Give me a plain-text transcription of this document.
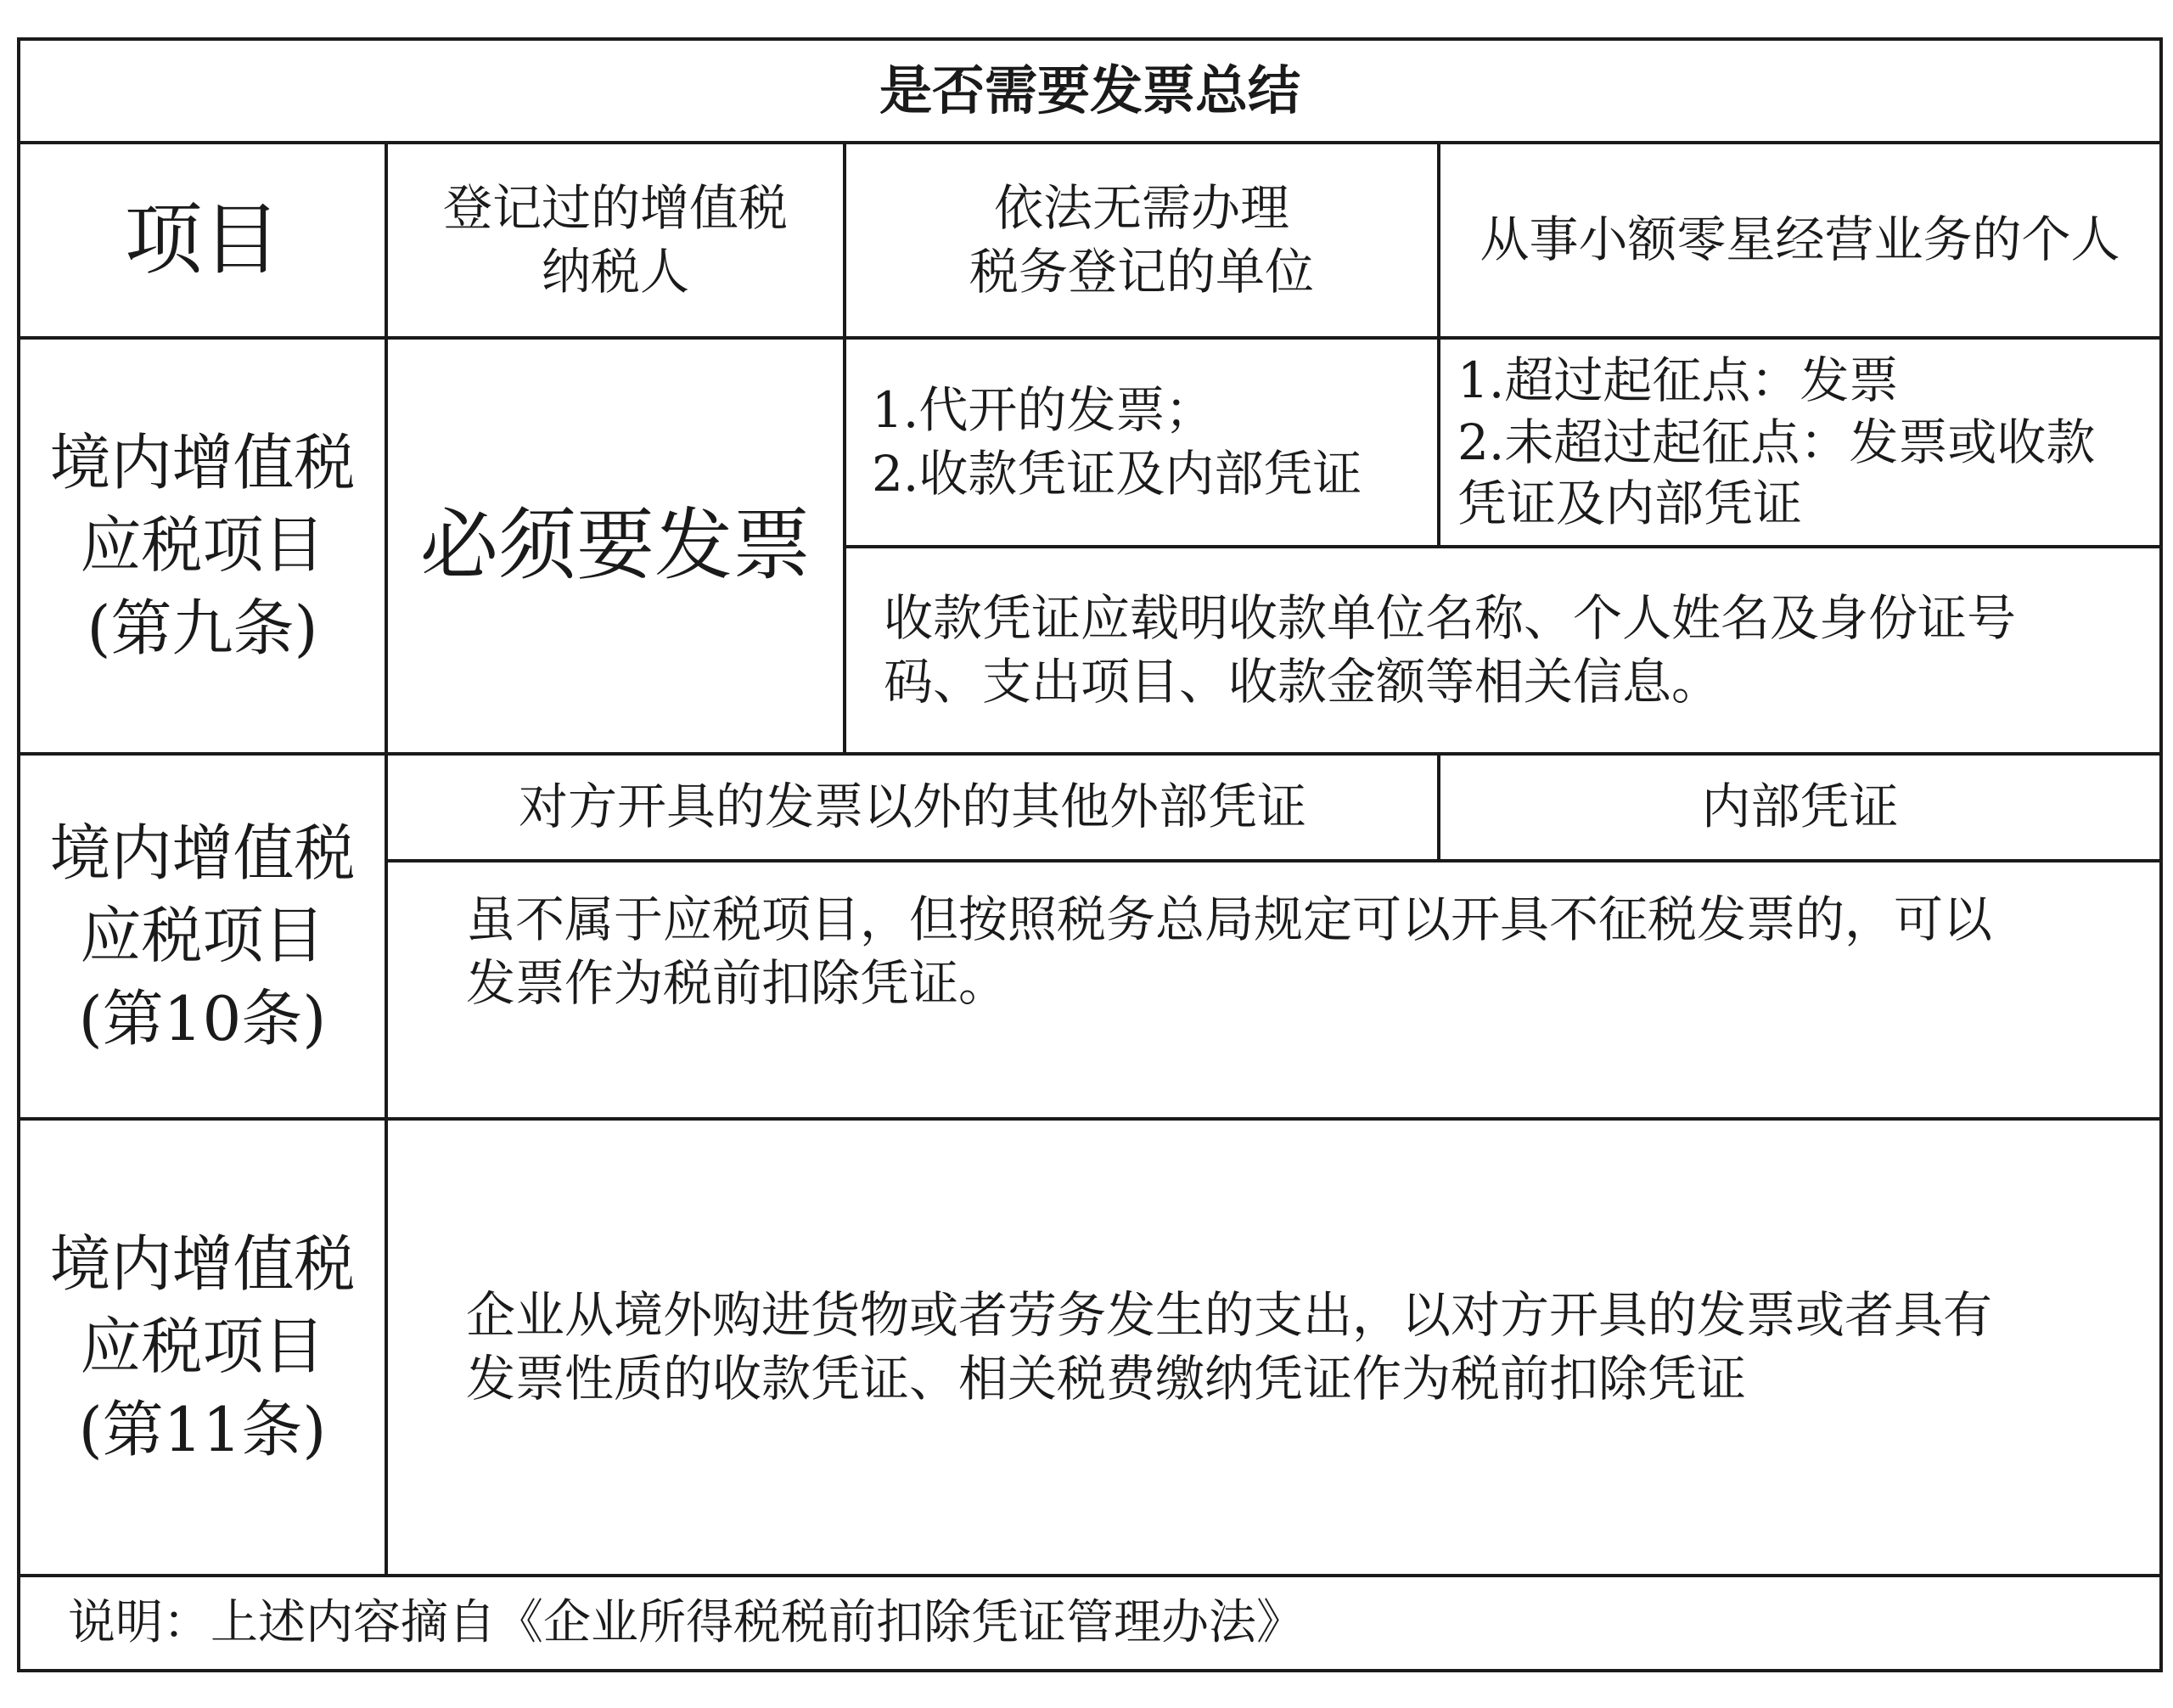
是否需要发票总结
项目	登记过的增值税
纳税人
依法无需办理
税务登记的单位
从事小额零星经营业务的个人
境内增值税
应税项目
(第九条)
必须要发票
1.代开的发票；
2.收款凭证及内部凭证
1.超过起征点：发票
2.未超过起征点：发票或收款
凭证及内部凭证
收款凭证应载明收款单位名称、个人姓名及身份证号
码、支出项目、收款金额等相关信息。
境内增值税
应税项目
(第10条)
对方开具的发票以外的其他外部凭证	内部凭证
虽不属于应税项目，但按照税务总局规定可以开具不征税发票的，可以
发票作为税前扣除凭证。
境内增值税
应税项目
(第11条)
企业从境外购进货物或者劳务发生的支出，以对方开具的发票或者具有
发票性质的收款凭证、相关税费缴纳凭证作为税前扣除凭证
说明：上述内容摘自《企业所得税税前扣除凭证管理办法》
